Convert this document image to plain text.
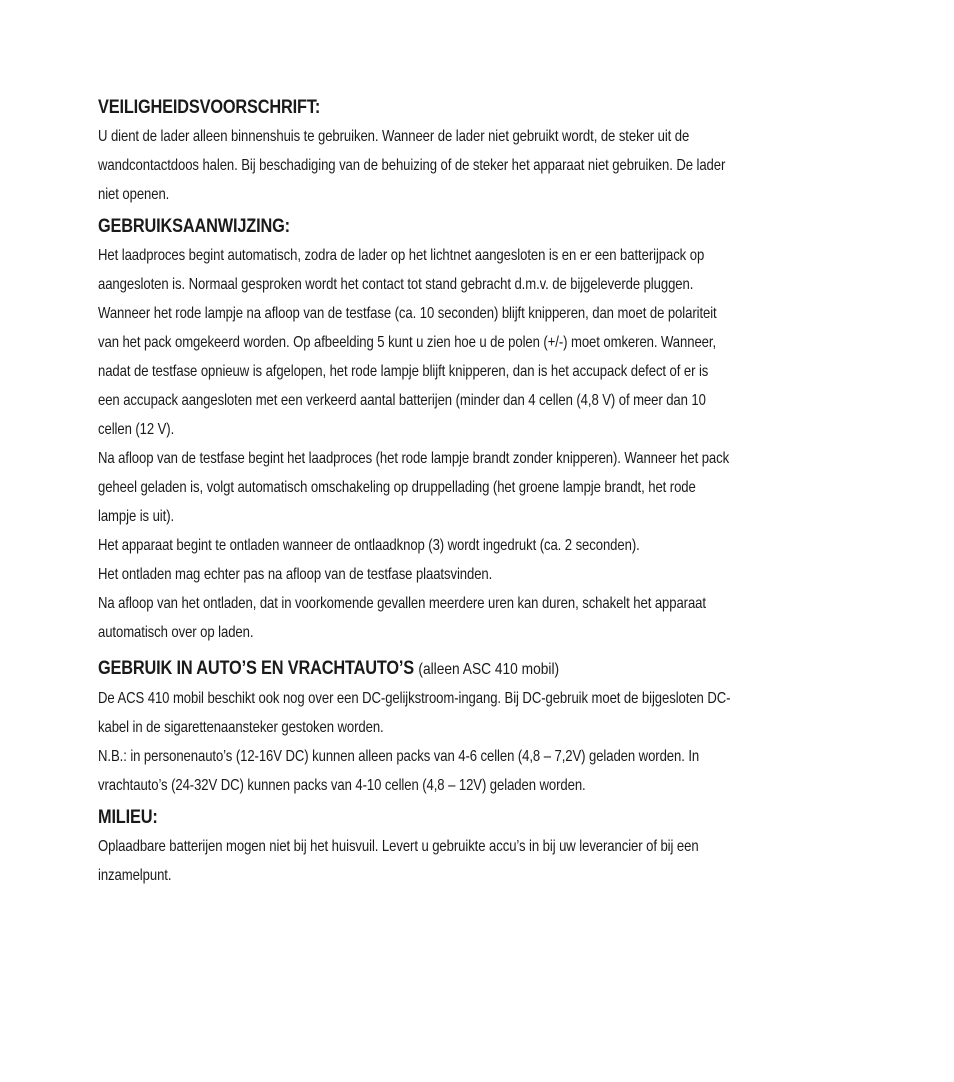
VEILIGHEIDSVOORSCHRIFT:

U dient de lader alleen binnenshuis te gebruiken. Wanneer de lader niet gebruikt wordt, de steker uit de
wandcontactdoos halen. Bij beschadiging van de behuizing of de steker het apparaat niet gebruiken. De lader
niet openen.

GEBRUIKSAANWIJZING:

Het laadproces begint automatisch, zodra de lader op het lichtnet aangesloten is en er een batterijpack op
aangesloten is. Normaal gesproken wordt het contact tot stand gebracht d.m.v. de bijgeleverde pluggen.
Wanneer het rode lampje na afloop van de testfase (ca. 10 seconden) blijft knipperen, dan moet de polariteit
van het pack omgekeerd worden. Op afbeelding 5 kunt u zien hoe u de polen (+/-) moet omkeren. Wanneer,
nadat de testfase opnieuw is afgelopen, het rode lampje blijft knipperen, dan is het accupack defect of er is
een accupack aangesloten met een verkeerd aantal batterijen (minder dan 4 cellen (4,8 V) of meer dan 10
cellen (12 V).
Na afloop van de testfase begint het laadproces (het rode lampje brandt zonder knipperen). Wanneer het pack
geheel geladen is, volgt automatisch omschakeling op druppellading (het groene lampje brandt, het rode
lampje is uit).
Het apparaat begint te ontladen wanneer de ontlaadknop (3) wordt ingedrukt (ca. 2 seconden).
Het ontladen mag echter pas na afloop van de testfase plaatsvinden.
Na afloop van het ontladen, dat in voorkomende gevallen meerdere uren kan duren, schakelt het apparaat
automatisch over op laden.

GEBRUIK IN AUTO’S EN VRACHTAUTO’S (alleen ASC 410 mobil)

De ACS 410 mobil beschikt ook nog over een DC-gelijkstroom-ingang. Bij DC-gebruik moet de bijgesloten DC-
kabel in de sigarettenaansteker gestoken worden.
N.B.: in personenauto’s (12-16V DC) kunnen alleen packs van 4-6 cellen (4,8 – 7,2V) geladen worden. In
vrachtauto’s (24-32V DC) kunnen packs van 4-10 cellen (4,8 – 12V) geladen worden.

MILIEU:

Oplaadbare batterijen mogen niet bij het huisvuil. Levert u gebruikte accu’s in bij uw leverancier of bij een
inzamelpunt.
